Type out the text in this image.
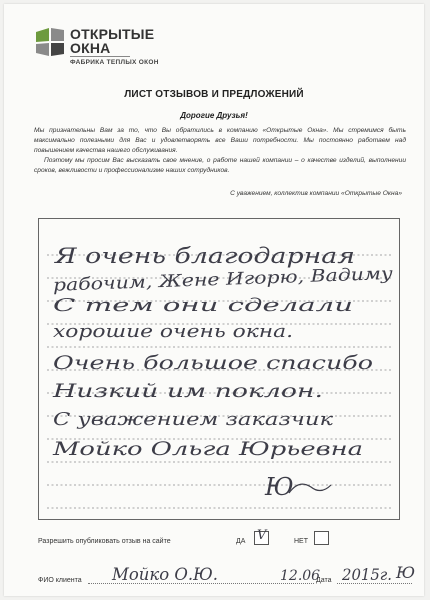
ОТКРЫТЫЕ
ОКНА
ФАБРИКА ТЕПЛЫХ ОКОН
ЛИСТ ОТЗЫВОВ И ПРЕДЛОЖЕНИЙ
Дорогие Друзья!

Мы признательны Вам за то, что Вы обратились в компанию «Открытые Окна». Мы стремимся быть максимально полезными для Вас и удовлетворять все Ваши потребности. Мы постоянно работаем над повышением качества нашего обслуживания.

Поэтому мы просим Вас высказать свое мнение, о работе нашей компании – о качестве изделий, выполнении сроков, вежливости и профессионализме наших сотрудников.

С уважением, коллектив компании «Открытые Окна»
Я очень благодарная
рабочим, Жене Игорю, Вадиму
С тем они сделали
хорошие очень окна.
Очень большое спасибо
Низкий им поклон.
С уважением заказчик
Мойко Ольга Юрьевна
Ю
Разрешить опубликовать отзыв на сайте	ДА V	НЕТ
ФИО клиента Мойко О.Ю.	12.06 2015г. Ю
Дата
